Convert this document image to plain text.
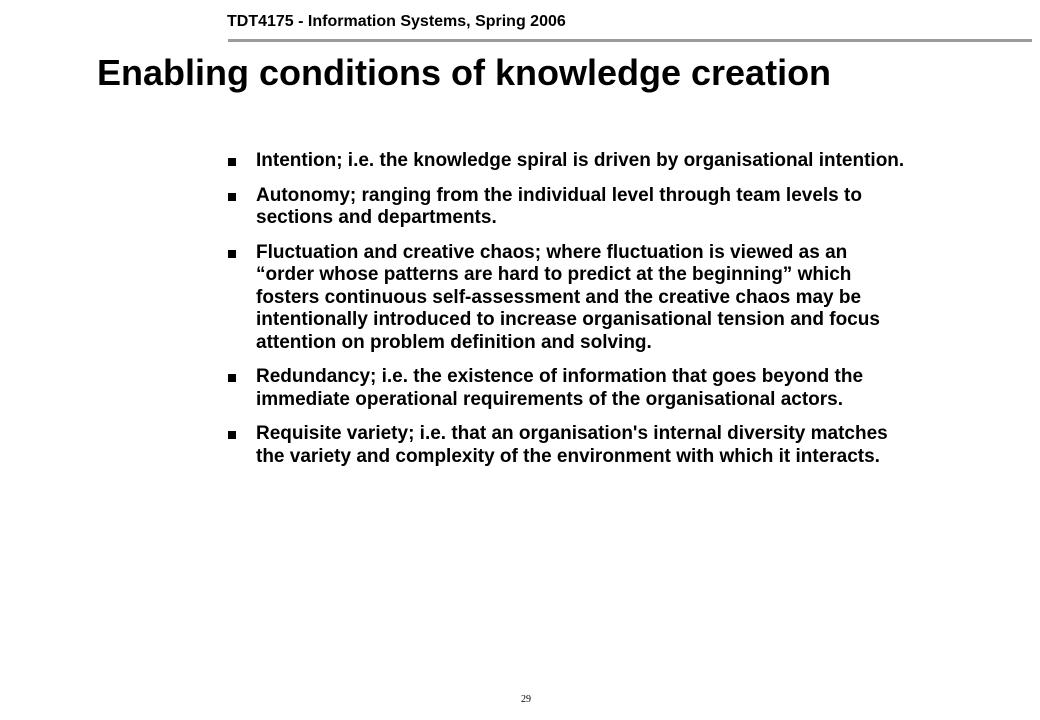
TDT4175 - Information Systems, Spring 2006
Enabling conditions of knowledge creation
Intention; i.e. the knowledge spiral is driven by organisational intention.
Autonomy; ranging from the individual level through team levels to sections and departments.
Fluctuation and creative chaos; where fluctuation is viewed as an “order whose patterns are hard to predict at the beginning” which fosters continuous self-assessment and the creative chaos may be intentionally introduced to increase organisational tension and focus attention on problem definition and solving.
Redundancy; i.e. the existence of information that goes beyond the immediate operational requirements of the organisational actors.
Requisite variety; i.e. that an organisation's internal diversity matches the variety and complexity of the environment with which it interacts.
29
